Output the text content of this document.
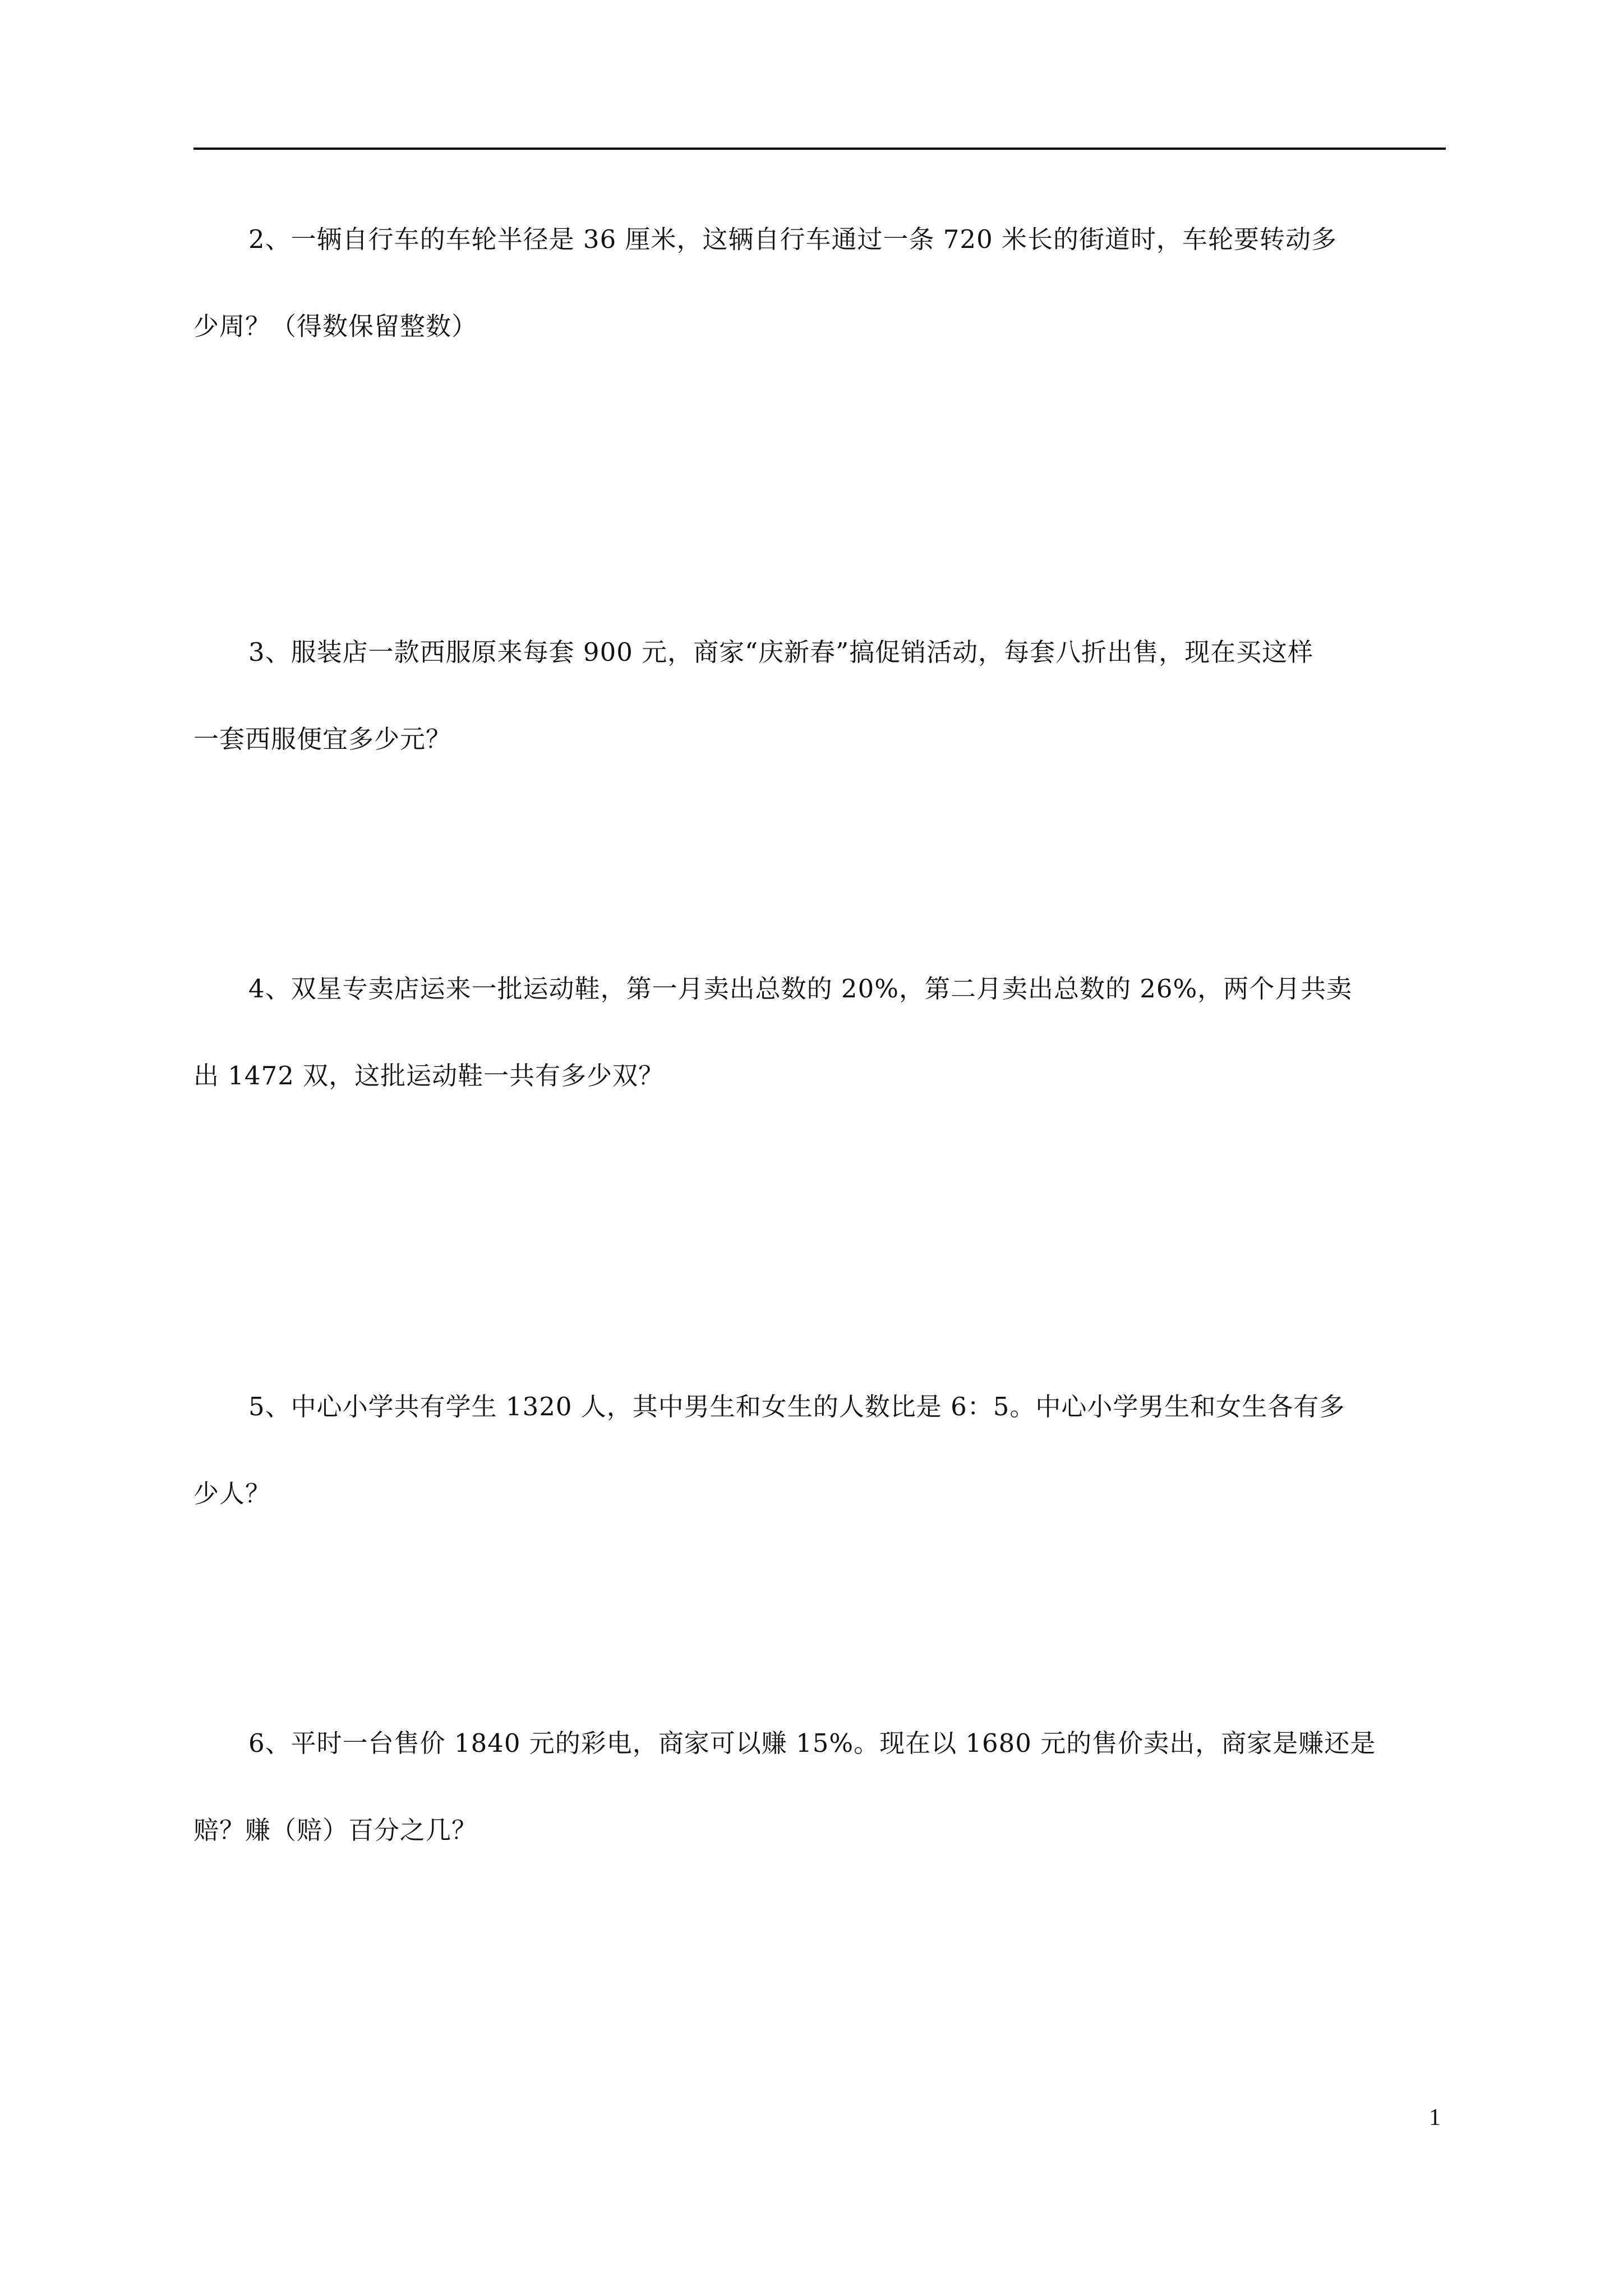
2、一辆自行车的车轮半径是 36 厘米，这辆自行车通过一条 720 米长的街道时，车轮要转动多
少周？（得数保留整数）
3、服装店一款西服原来每套 900 元，商家“庆新春”搞促销活动，每套八折出售，现在买这样
一套西服便宜多少元？
4、双星专卖店运来一批运动鞋，第一月卖出总数的 20%，第二月卖出总数的 26%，两个月共卖
出 1472 双，这批运动鞋一共有多少双？
5、中心小学共有学生 1320 人，其中男生和女生的人数比是 6：5。中心小学男生和女生各有多
少人？
6、平时一台售价 1840 元的彩电，商家可以赚 15%。现在以 1680 元的售价卖出，商家是赚还是
赔？赚（赔）百分之几？
1
